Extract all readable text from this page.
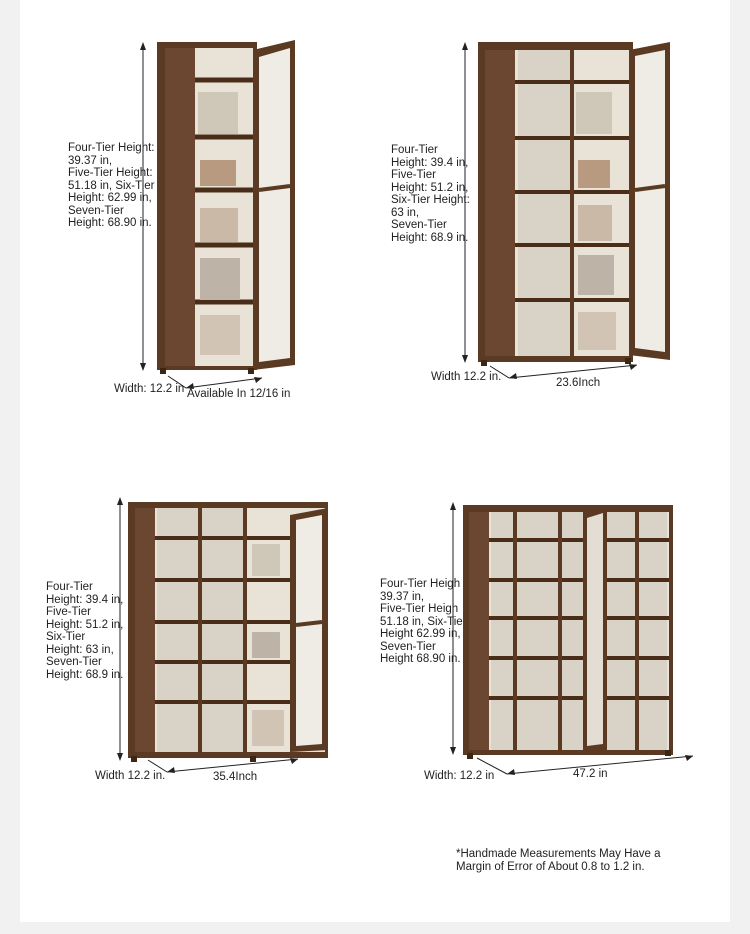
Four-Tier Height:
39.37 in,
Five-Tier Height:
51.18 in, Six-Tier
Height: 62.99 in,
Seven-Tier
Height: 68.90 in.
Width: 12.2 in Available In 12/16 in
Four-Tier
Height: 39.4 in,
Five-Tier
Height: 51.2 in,
Six-Tier Height:
63 in,
Seven-Tier
Height: 68.9 in.
Width 12.2 in.	23.6Inch
Four-Tier
Height: 39.4 in,
Five-Tier
Height: 51.2 in,
Six-Tier
Height: 63 in,
Seven-Tier
Height: 68.9 in.
Width 12.2 in.	35.4Inch
Four-Tier Heigh
39.37 in,
Five-Tier Heigh
51.18 in, Six-Tie
Height 62.99 in,
Seven-Tier
Height 68.90 in.
Width: 12.2 in	47.2 in
*Handmade Measurements May Have a
Margin of Error of About 0.8 to 1.2 in.
